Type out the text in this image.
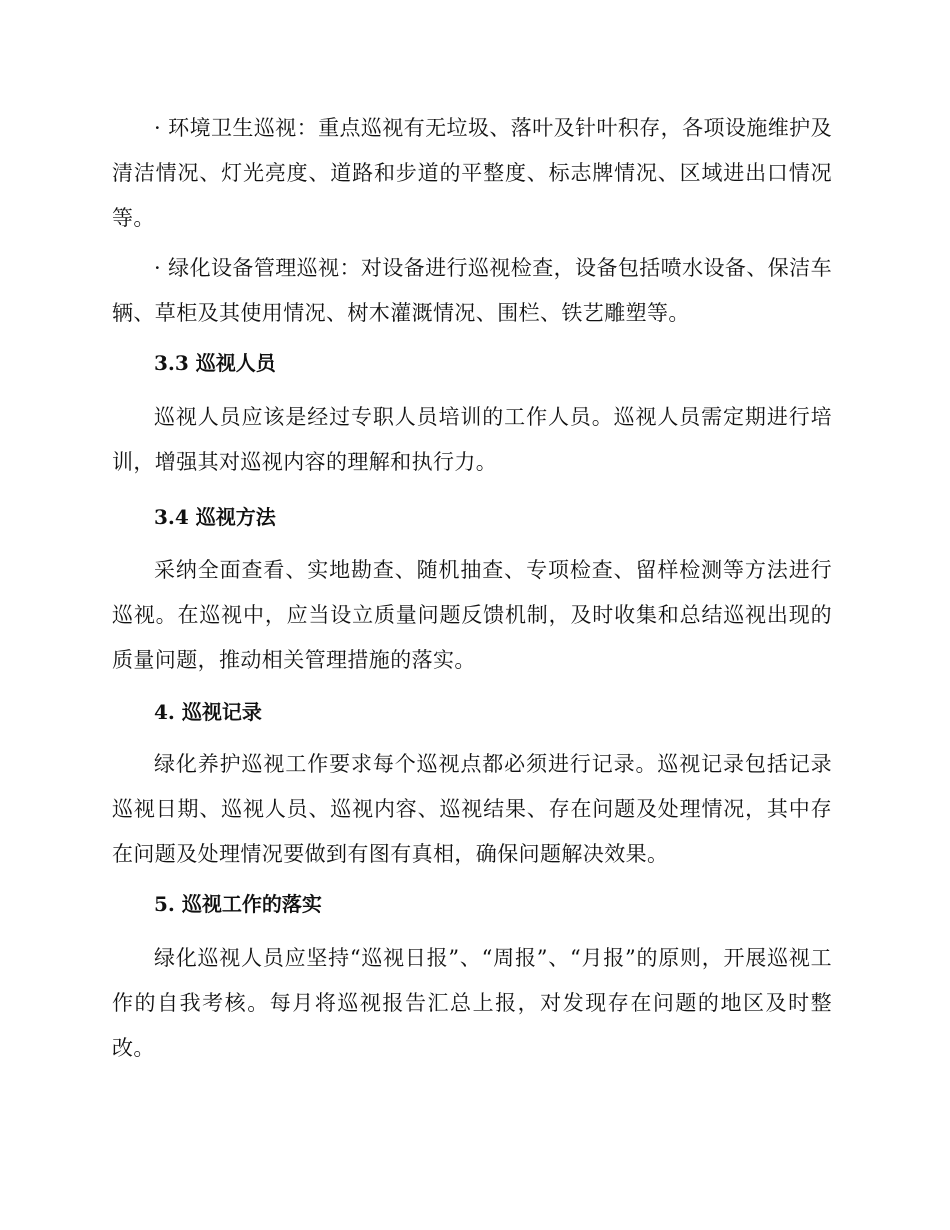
· 环境卫生巡视：重点巡视有无垃圾、落叶及针叶积存，各项设施维护及清洁情况、灯光亮度、道路和步道的平整度、标志牌情况、区域进出口情况等。

· 绿化设备管理巡视：对设备进行巡视检查，设备包括喷水设备、保洁车辆、草柜及其使用情况、树木灌溉情况、围栏、铁艺雕塑等。

3.3 巡视人员

巡视人员应该是经过专职人员培训的工作人员。巡视人员需定期进行培训，增强其对巡视内容的理解和执行力。

3.4 巡视方法

采纳全面查看、实地勘查、随机抽查、专项检查、留样检测等方法进行巡视。在巡视中，应当设立质量问题反馈机制，及时收集和总结巡视出现的质量问题，推动相关管理措施的落实。

4. 巡视记录

绿化养护巡视工作要求每个巡视点都必须进行记录。巡视记录包括记录巡视日期、巡视人员、巡视内容、巡视结果、存在问题及处理情况，其中存在问题及处理情况要做到有图有真相，确保问题解决效果。

5. 巡视工作的落实

绿化巡视人员应坚持“巡视日报”、“周报”、“月报”的原则，开展巡视工作的自我考核。每月将巡视报告汇总上报，对发现存在问题的地区及时整改。
